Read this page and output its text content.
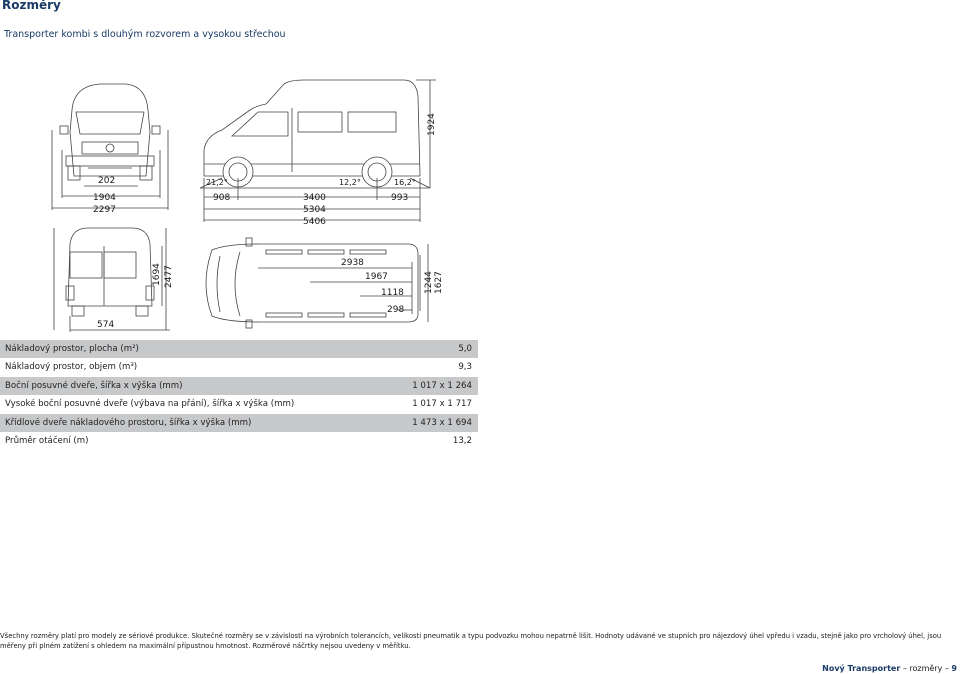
Rozměry
Transporter kombi s dlouhým rozvorem a vysokou střechou
202
1904
2297
21,2°	12,2°	16,2°
908	3400
5304
5406
993
1924
1694 2477
574
2938
1967
1118
298
1244 1627
Nákladový prostor, plocha (m²)	5,0
Nákladový prostor, objem (m³)	9,3
Boční posuvné dveře, šířka x výška (mm)	1 017 x 1 264
Vysoké boční posuvné dveře (výbava na přání), šířka x výška (mm)	1 017 x 1 717
Křídlové dveře nákladového prostoru, šířka x výška (mm)	1 473 x 1 694
Průměr otáčení (m)	13,2
Všechny rozměry platí pro modely ze sériové produkce. Skutečné rozměry se v závislosti na výrobních tolerancích, velikosti pneumatik a typu podvozku mohou nepatrně lišit. Hodnoty udávané ve stupních pro nájezdový úhel vpředu i vzadu, stejně jako pro vrcholový úhel, jsou měřeny při plném zatížení s ohledem na maximální přípustnou hmotnost. Rozměrové náčrtky nejsou uvedeny v měřítku.
Nový Transporter – rozměry – 9
